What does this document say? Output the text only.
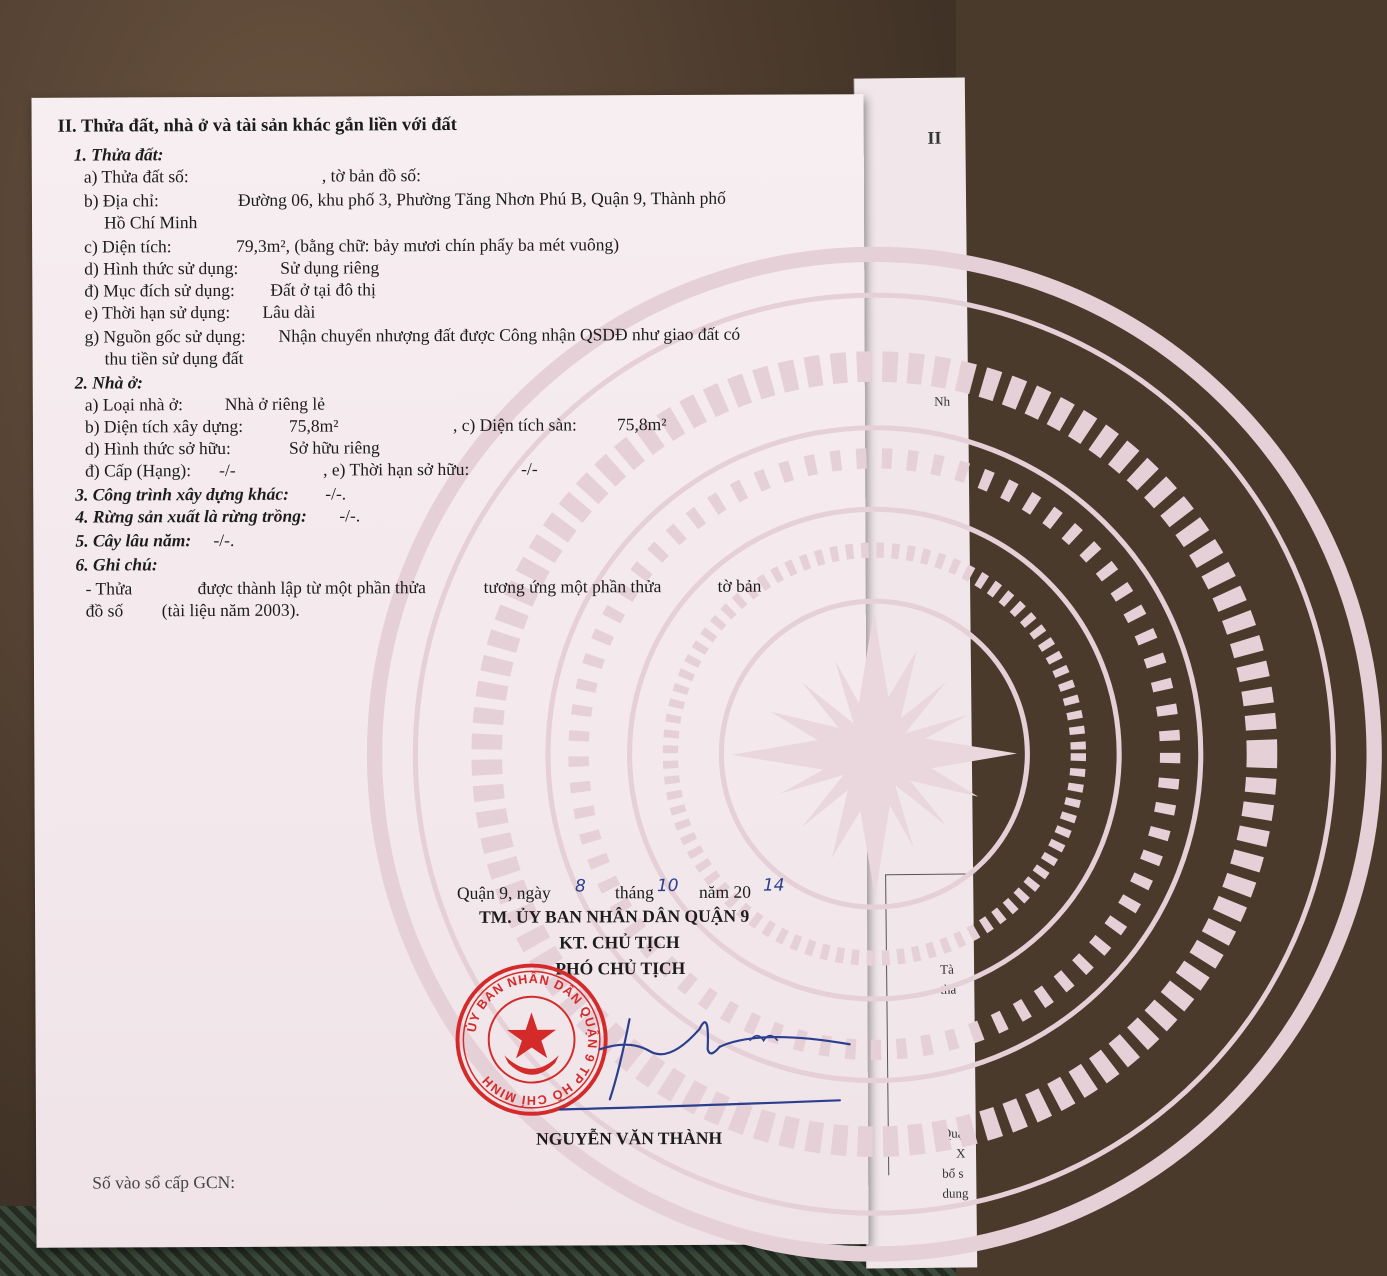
II
Nh
Tà
tha
Quậ
X
bổ s
dung
II. Thửa đất, nhà ở và tài sản khác gắn liền với đất
1. Thửa đất:
a) Thửa đất số:	, tờ bản đồ số:
b) Địa chỉ:	Đường 06, khu phố 3, Phường Tăng Nhơn Phú B, Quận 9, Thành phố
Hồ Chí Minh
c) Diện tích:	79,3m², (bằng chữ: bảy mươi chín phẩy ba mét vuông)
d) Hình thức sử dụng: Sử dụng riêng
đ) Mục đích sử dụng: Đất ở tại đô thị
e) Thời hạn sử dụng: Lâu dài
g) Nguồn gốc sử dụng: Nhận chuyển nhượng đất được Công nhận QSDĐ như giao đất có
thu tiền sử dụng đất
2. Nhà ở:
a) Loại nhà ở: Nhà ở riêng lẻ
b) Diện tích xây dựng:	75,8m²	, c) Diện tích sàn: 75,8m²
d) Hình thức sở hữu:	Sở hữu riêng
đ) Cấp (Hạng): -/-	, e) Thời hạn sở hữu:	-/-
3. Công trình xây dựng khác: -/-.
4. Rừng sản xuất là rừng trồng: -/-.
5. Cây lâu năm: -/-.
6. Ghi chú:
- Thửa	được thành lập từ một phần thửa	tương ứng một phần thửa	tờ bản
đồ số (tài liệu năm 2003).
Quận 9, ngày 8 tháng 10 năm 20 14
TM. ỦY BAN NHÂN DÂN QUẬN 9
KT. CHỦ TỊCH
PHÓ CHỦ TỊCH
NGUYỄN VĂN THÀNH
Số vào sổ cấp GCN:
ỦY BAN NHÂN DÂN QUẬN 9 TP HỒ CHÍ MINH
